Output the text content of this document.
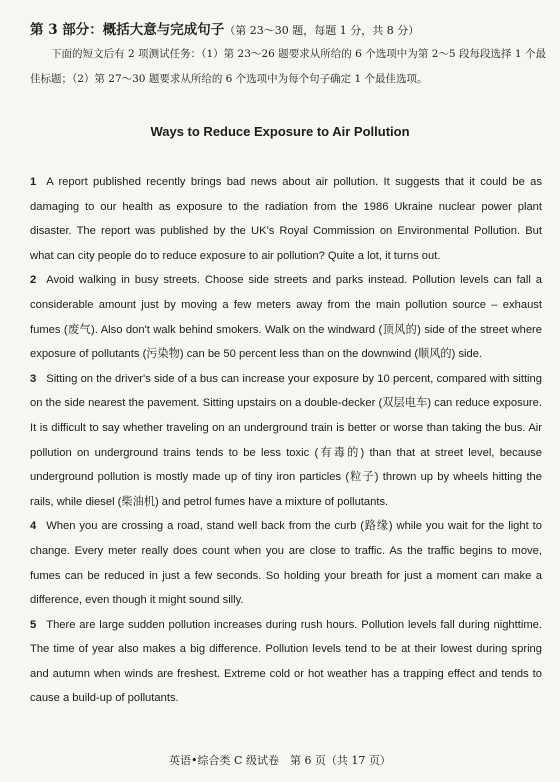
第 3 部分：概括大意与完成句子（第 23～30 题，每题 1 分，共 8 分）
下面的短文后有 2 项测试任务：（1）第 23～26 题要求从所给的 6 个选项中为第 2～5 段每段选择 1 个最佳标题；（2）第 27～30 题要求从所给的 6 个选项中为每个句子确定 1 个最佳选项。
Ways to Reduce Exposure to Air Pollution

1 A report published recently brings bad news about air pollution. It suggests that it could be as damaging to our health as exposure to the radiation from the 1986 Ukraine nuclear power plant disaster. The report was published by the UK's Royal Commission on Environmental Pollution. But what can city people do to reduce exposure to air pollution? Quite a lot, it turns out.

2 Avoid walking in busy streets. Choose side streets and parks instead. Pollution levels can fall a considerable amount just by moving a few meters away from the main pollution source – exhaust fumes (废气). Also don't walk behind smokers. Walk on the windward (顶风的) side of the street where exposure of pollutants (污染物) can be 50 percent less than on the downwind (顺风的) side.

3 Sitting on the driver's side of a bus can increase your exposure by 10 percent, compared with sitting on the side nearest the pavement. Sitting upstairs on a double-decker (双层电车) can reduce exposure. It is difficult to say whether traveling on an underground train is better or worse than taking the bus. Air pollution on underground trains tends to be less toxic (有毒的) than that at street level, because underground pollution is mostly made up of tiny iron particles (粒子) thrown up by wheels hitting the rails, while diesel (柴油机) and petrol fumes have a mixture of pollutants.

4 When you are crossing a road, stand well back from the curb (路缘) while you wait for the light to change. Every meter really does count when you are close to traffic. As the traffic begins to move, fumes can be reduced in just a few seconds. So holding your breath for just a moment can make a difference, even though it might sound silly.

5 There are large sudden pollution increases during rush hours. Pollution levels fall during nighttime. The time of year also makes a big difference. Pollution levels tend to be at their lowest during spring and autumn when winds are freshest. Extreme cold or hot weather has a trapping effect and tends to cause a build-up of pollutants.

英语•综合类 C 级试卷　第 6 页（共 17 页）
